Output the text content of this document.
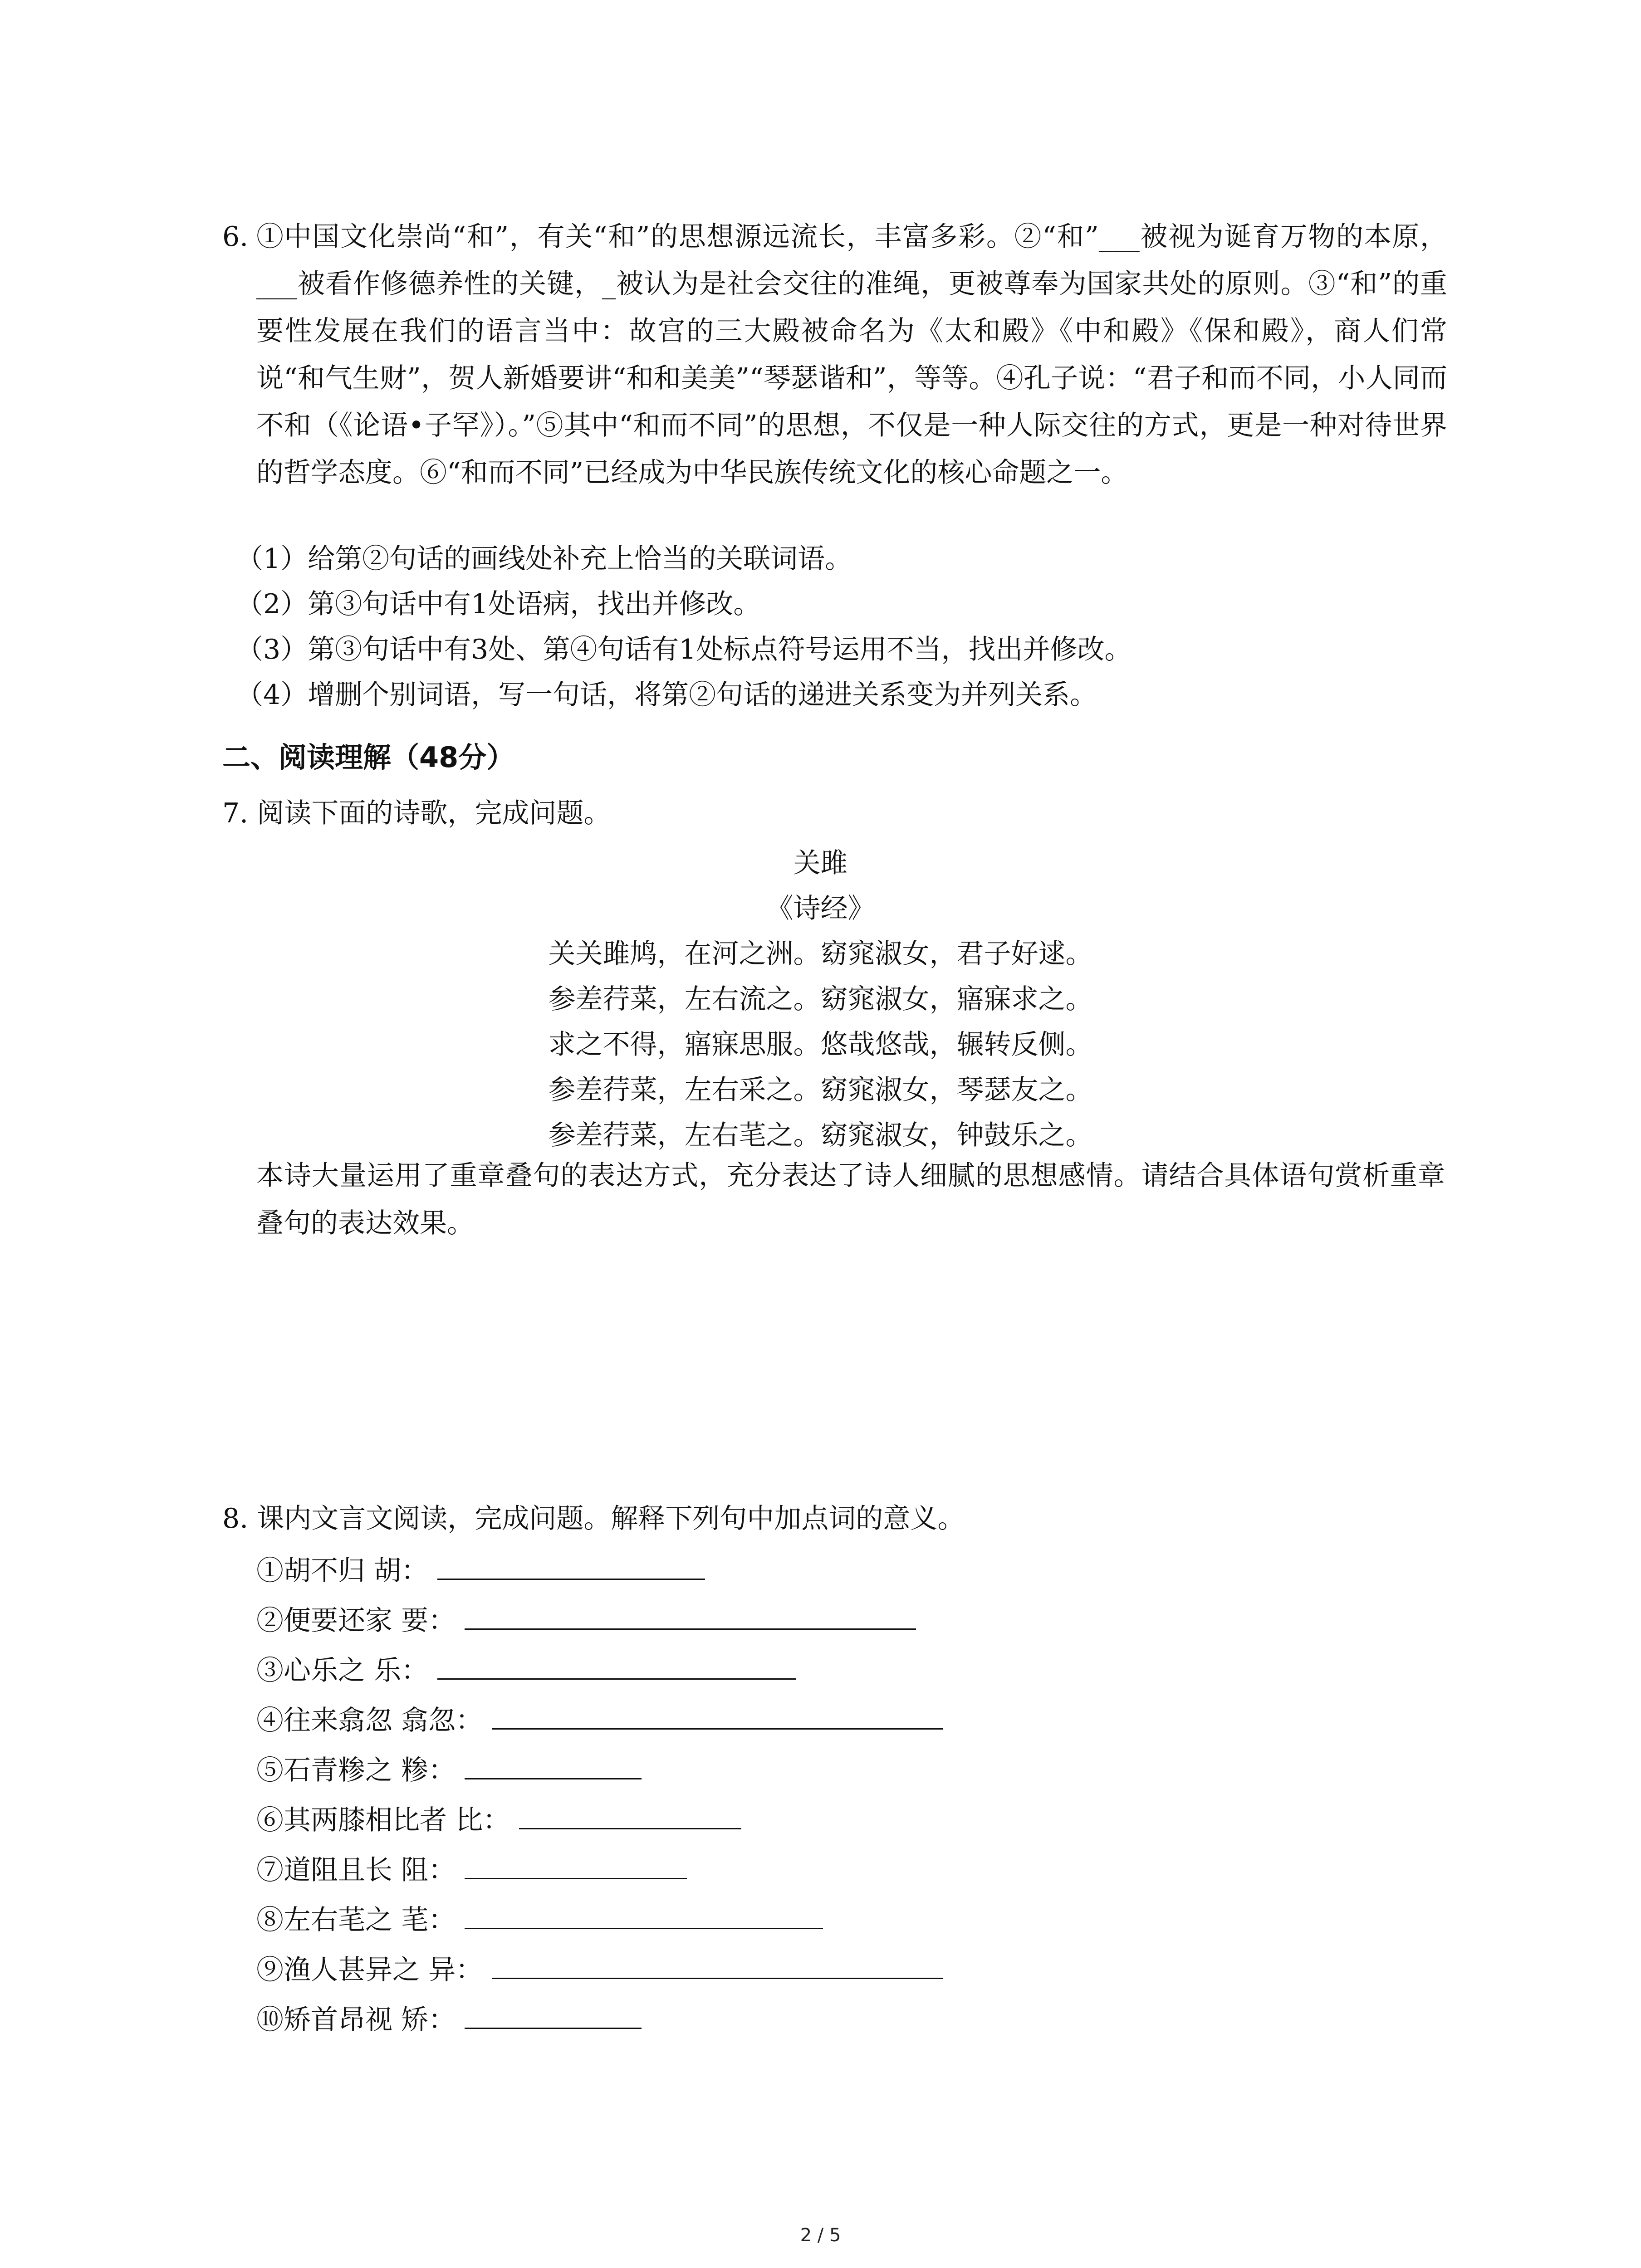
6. ①中国文化崇尚“和”，有关“和”的思想源远流长，丰富多彩。②“和”___被视为诞育万物的本原，___被看作修德养性的关键，_被认为是社会交往的准绳，更被尊奉为国家共处的原则。③“和”的重要性发展在我们的语言当中：故宫的三大殿被命名为《太和殿》《中和殿》《保和殿》，商人们常说“和气生财”，贺人新婚要讲“和和美美”“琴瑟谐和”，等等。④孔子说：“君子和而不同，小人同而不和（《论语•子罕》）。”⑤其中“和而不同”的思想，不仅是一种人际交往的方式，更是一种对待世界的哲学态度。⑥“和而不同”已经成为中华民族传统文化的核心命题之一。
（1）给第②句话的画线处补充上恰当的关联词语。
（2）第③句话中有1处语病，找出并修改。
（3）第③句话中有3处、第④句话有1处标点符号运用不当，找出并修改。
（4）增删个别词语，写一句话，将第②句话的递进关系变为并列关系。
二、阅读理解（48分）
7. 阅读下面的诗歌，完成问题。
关雎
《诗经》
关关雎鸠，在河之洲。窈窕淑女，君子好逑。
参差荇菜，左右流之。窈窕淑女，寤寐求之。
求之不得，寤寐思服。悠哉悠哉，辗转反侧。
参差荇菜，左右采之。窈窕淑女，琴瑟友之。
参差荇菜，左右芼之。窈窕淑女，钟鼓乐之。
本诗大量运用了重章叠句的表达方式，充分表达了诗人细腻的思想感情。请结合具体语句赏析重章叠句的表达效果。
8. 课内文言文阅读，完成问题。解释下列句中加点词的意义。
①胡不归 胡：
②便要还家 要：
③心乐之 乐：
④往来翕忽 翕忽：
⑤石青糁之 糁：
⑥其两膝相比者 比：
⑦道阻且长 阻：
⑧左右芼之 芼：
⑨渔人甚异之 异：
⑩矫首昂视 矫：
2 / 5
